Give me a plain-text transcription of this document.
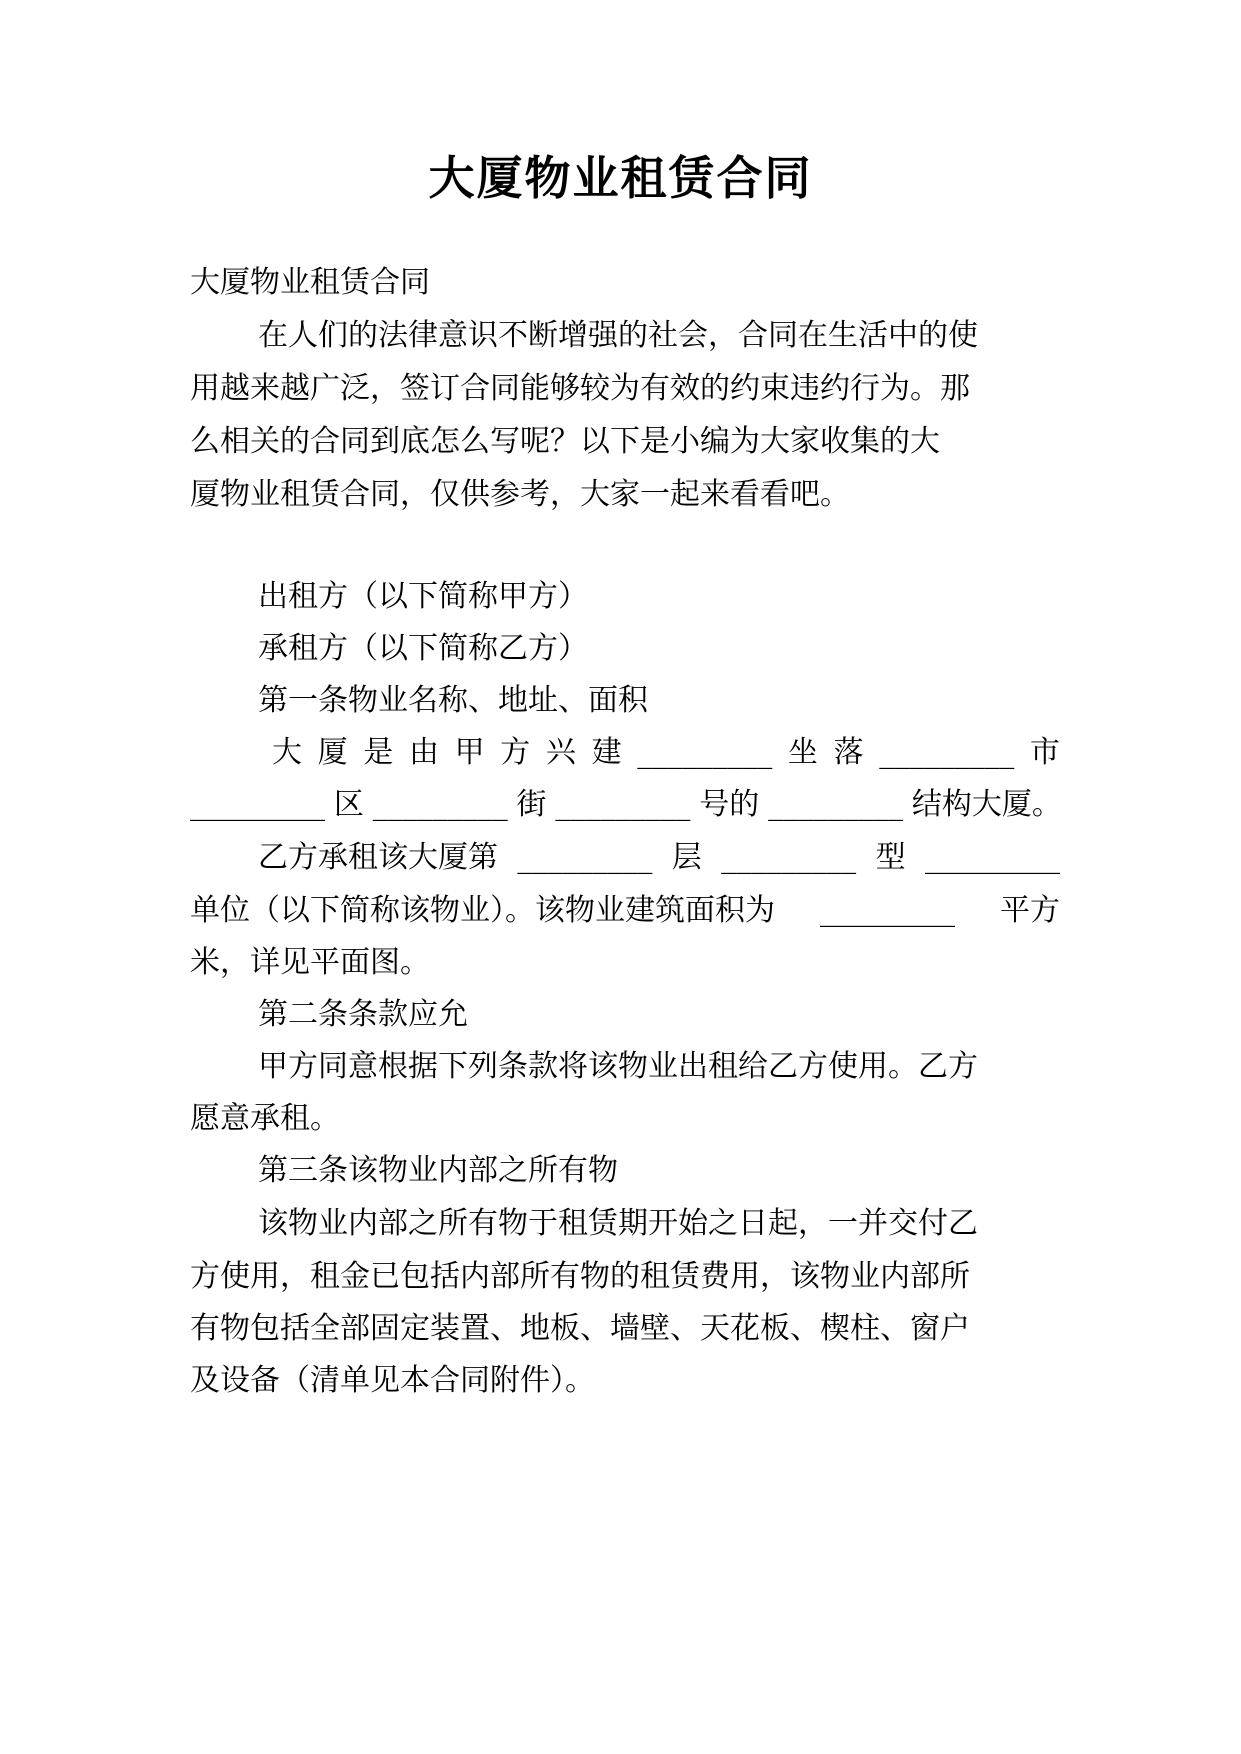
大厦物业租赁合同
大厦物业租赁合同
在人们的法律意识不断增强的社会，合同在生活中的使
用越来越广泛，签订合同能够较为有效的约束违约行为。那
么相关的合同到底怎么写呢？以下是小编为大家收集的大
厦物业租赁合同，仅供参考，大家一起来看看吧。
出租方（以下简称甲方）
承租方（以下简称乙方）
第一条物业名称、地址、面积
大 厦 是 由 甲 方 兴 建 _________ 坐 落 _________ 市
_________ 区 _________ 街 _________ 号的 _________ 结构大厦。
乙方承租该大厦第 _________ 层 _________ 型 _________
单位（以下简称该物业）。该物业建筑面积为 _________ 平方
米，详见平面图。
第二条条款应允
甲方同意根据下列条款将该物业出租给乙方使用。乙方
愿意承租。
第三条该物业内部之所有物
该物业内部之所有物于租赁期开始之日起，一并交付乙
方使用，租金已包括内部所有物的租赁费用，该物业内部所
有物包括全部固定装置、地板、墙壁、天花板、楔柱、窗户
及设备（清单见本合同附件）。
